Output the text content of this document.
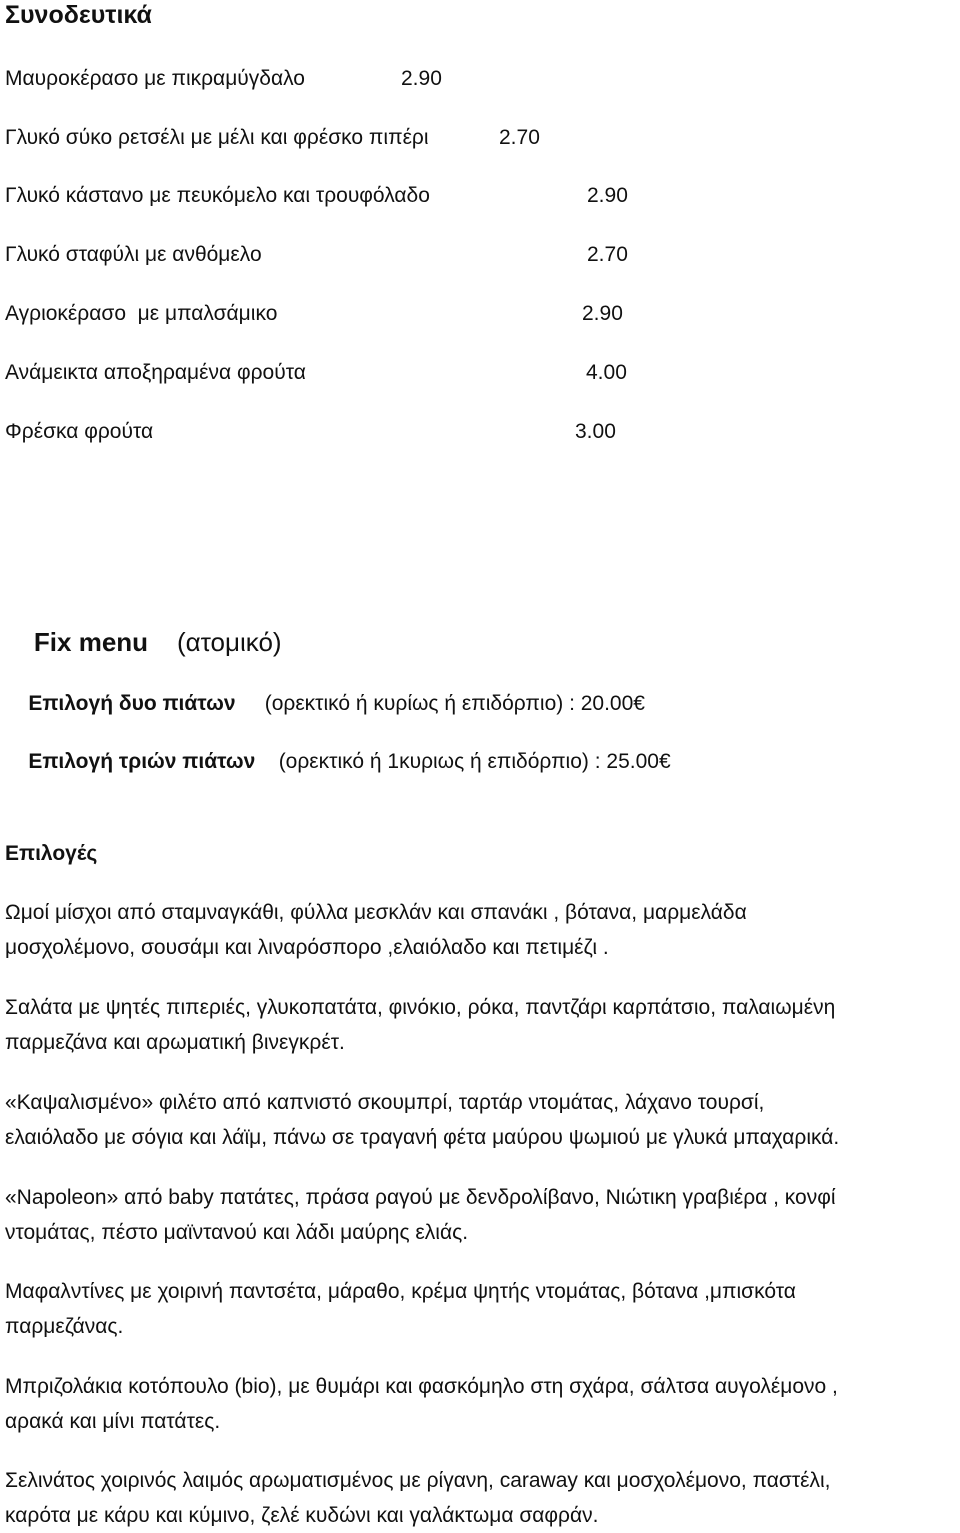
Συνοδευτικά
Μαυροκέρασο με πικραμύγδαλο	2.90
Γλυκό σύκο ρετσέλι με μέλι και φρέσκο πιπέρι	2.70
Γλυκό κάστανο με πευκόμελο και τρουφόλαδο	2.90
Γλυκό σταφύλι με ανθόμελο	2.70
Αγριοκέρασο  με μπαλσάμικο	2.90
Ανάμεικτα αποξηραμένα φρούτα	4.00
Φρέσκα φρούτα	3.00

Fix menu (ατομικό)

Επιλογή δυο πιάτων (ορεκτικό ή κυρίως ή επιδόρπιο) : 20.00€

Επιλογή τριών πιάτων (ορεκτικό ή 1κυριως ή επιδόρπιο) : 25.00€

Επιλογές
Ωμοί μίσχοι από σταμναγκάθι, φύλλα μεσκλάν και σπανάκι , βότανα, μαρμελάδα
μοσχολέμονο, σουσάμι και λιναρόσπορο ,ελαιόλαδο και πετιμέζι .
Σαλάτα με ψητές πιπεριές, γλυκοπατάτα, φινόκιο, ρόκα, παντζάρι καρπάτσιο, παλαιωμένη
παρμεζάνα και αρωματική βινεγκρέτ.
«Καψαλισμένο» φιλέτο από καπνιστό σκουμπρί, ταρτάρ ντομάτας, λάχανο τουρσί,
ελαιόλαδο με σόγια και λάϊμ, πάνω σε τραγανή φέτα μαύρου ψωμιού με γλυκά μπαχαρικά.
«Napoleon» από baby πατάτες, πράσα ραγού με δενδρολίβανο, Νιώτικη γραβιέρα , κονφί
ντομάτας, πέστο μαϊντανού και λάδι μαύρης ελιάς.
Μαφαλντίνες με χοιρινή παντσέτα, μάραθο, κρέμα ψητής ντομάτας, βότανα ,μπισκότα
παρμεζάνας.
Μπριζολάκια κοτόπουλο (bio), με θυμάρι και φασκόμηλο στη σχάρα, σάλτσα αυγολέμονο ,
αρακά και μίνι πατάτες.
Σελινάτος χοιρινός λαιμός αρωματισμένος με ρίγανη, caraway και μοσχολέμονο, παστέλι,
καρότα με κάρυ και κύμινο, ζελέ κυδώνι και γαλάκτωμα σαφράν.
